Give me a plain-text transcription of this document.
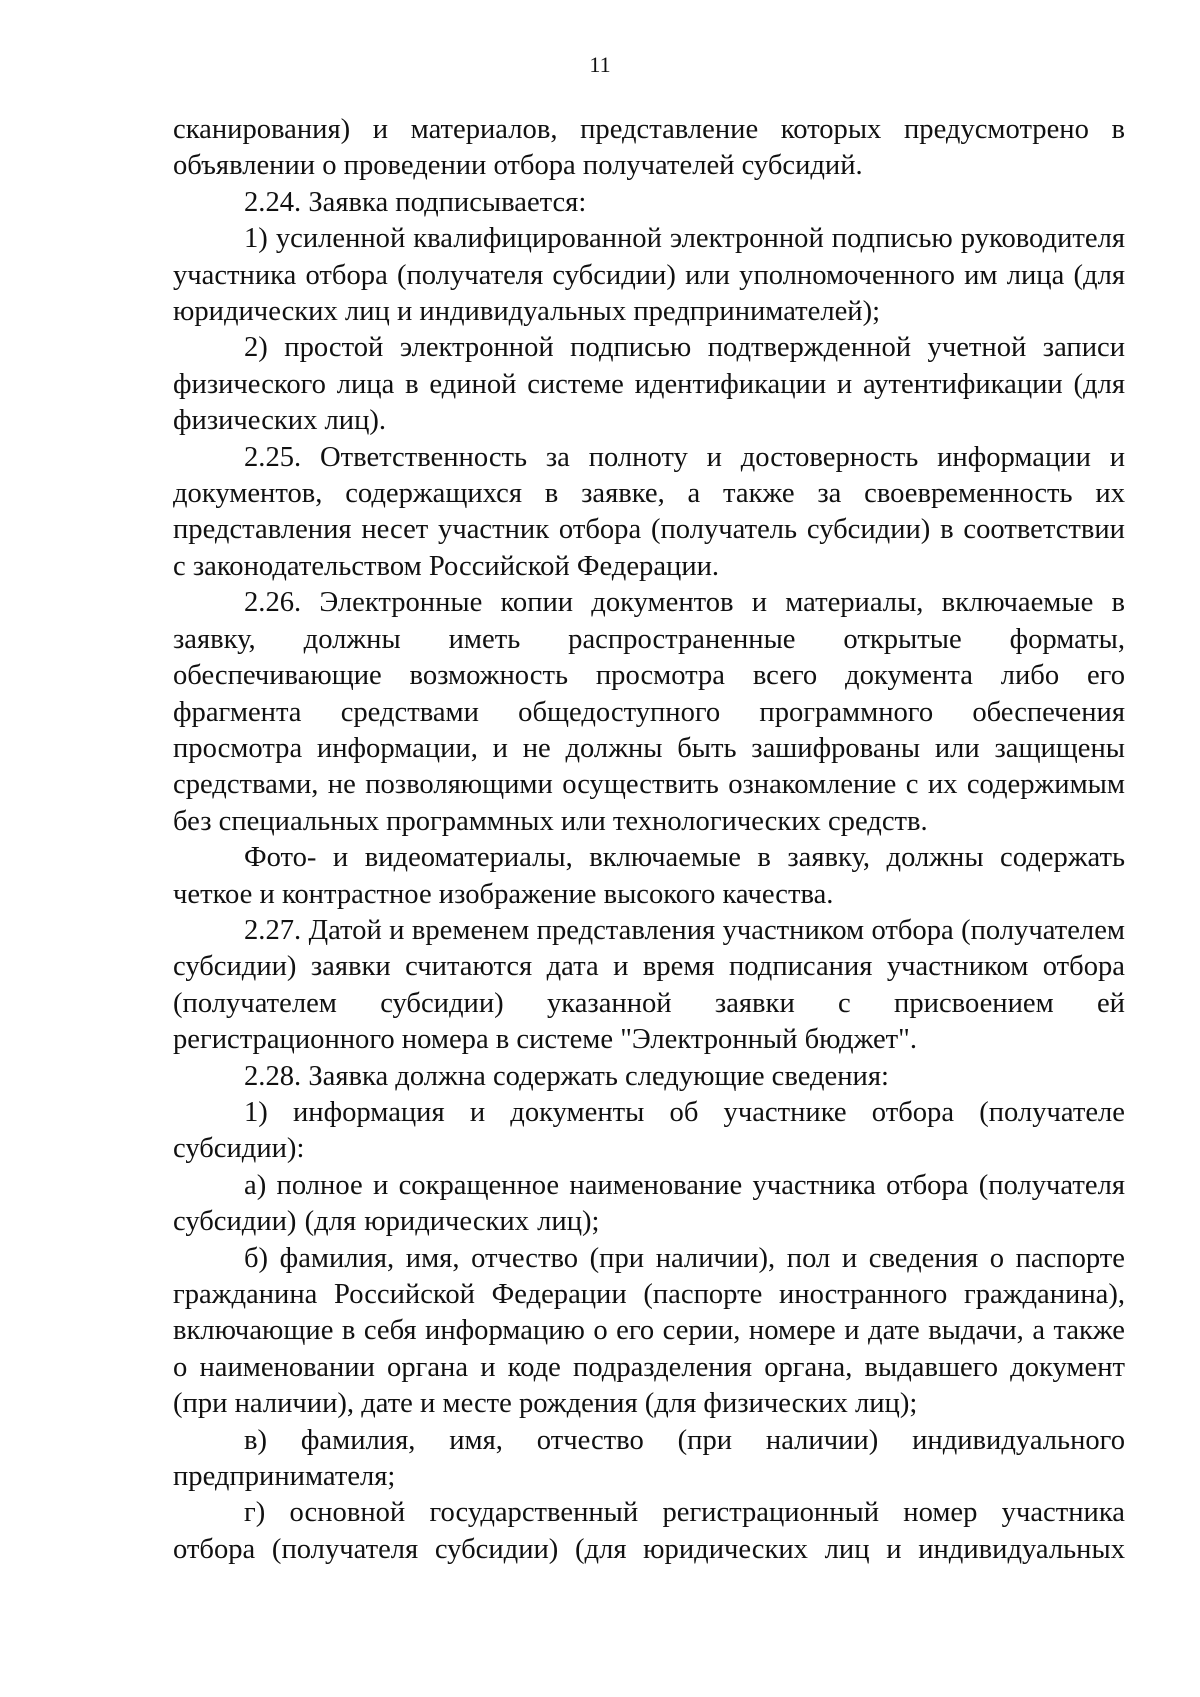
11

сканирования) и материалов, представление которых предусмотрено в объявлении о проведении отбора получателей субсидий.

2.24. Заявка подписывается:

1) усиленной квалифицированной электронной подписью руководителя участника отбора (получателя субсидии) или уполномоченного им лица (для юридических лиц и индивидуальных предпринимателей);

2) простой электронной подписью подтвержденной учетной записи физического лица в единой системе идентификации и аутентификации (для физических лиц).

2.25. Ответственность за полноту и достоверность информации и документов, содержащихся в заявке, а также за своевременность их представления несет участник отбора (получатель субсидии) в соответствии с законодательством Российской Федерации.

2.26. Электронные копии документов и материалы, включаемые в заявку, должны иметь распространенные открытые форматы, обеспечивающие возможность просмотра всего документа либо его фрагмента средствами общедоступного программного обеспечения просмотра информации, и не должны быть зашифрованы или защищены средствами, не позволяющими осуществить ознакомление с их содержимым без специальных программных или технологических средств.

Фото- и видеоматериалы, включаемые в заявку, должны содержать четкое и контрастное изображение высокого качества.

2.27. Датой и временем представления участником отбора (получателем субсидии) заявки считаются дата и время подписания участником отбора (получателем субсидии) указанной заявки с присвоением ей регистрационного номера в системе "Электронный бюджет".

2.28. Заявка должна содержать следующие сведения:

1) информация и документы об участнике отбора (получателе субсидии):

а) полное и сокращенное наименование участника отбора (получателя субсидии) (для юридических лиц);

б) фамилия, имя, отчество (при наличии), пол и сведения о паспорте гражданина Российской Федерации (паспорте иностранного гражданина), включающие в себя информацию о его серии, номере и дате выдачи, а также о наименовании органа и коде подразделения органа, выдавшего документ (при наличии), дате и месте рождения (для физических лиц);

в) фамилия, имя, отчество (при наличии) индивидуального предпринимателя;

г) основной государственный регистрационный номер участника отбора (получателя субсидии) (для юридических лиц и индивидуальных
